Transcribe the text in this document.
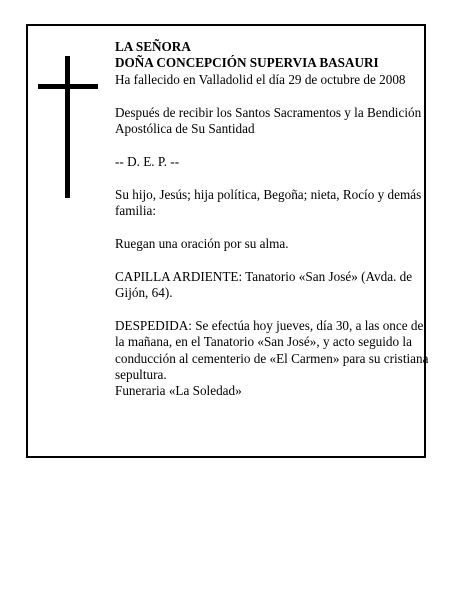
LA SEÑORA

DOÑA CONCEPCIÓN SUPERVIA BASAURI

Ha fallecido en Valladolid el día 29 de octubre de 2008

Después de recibir los Santos Sacramentos y la Bendición Apostólica de Su Santidad

-- D. E. P. --

Su hijo, Jesús; hija política, Begoña; nieta, Rocío y demás familia:

Ruegan una oración por su alma.

CAPILLA ARDIENTE: Tanatorio «San José» (Avda. de Gijón, 64).

DESPEDIDA: Se efectúa hoy jueves, día 30, a las once de la mañana, en el Tanatorio «San José», y acto seguido la conducción al cementerio de «El Carmen» para su cristiana sepultura.

Funeraria «La Soledad»
